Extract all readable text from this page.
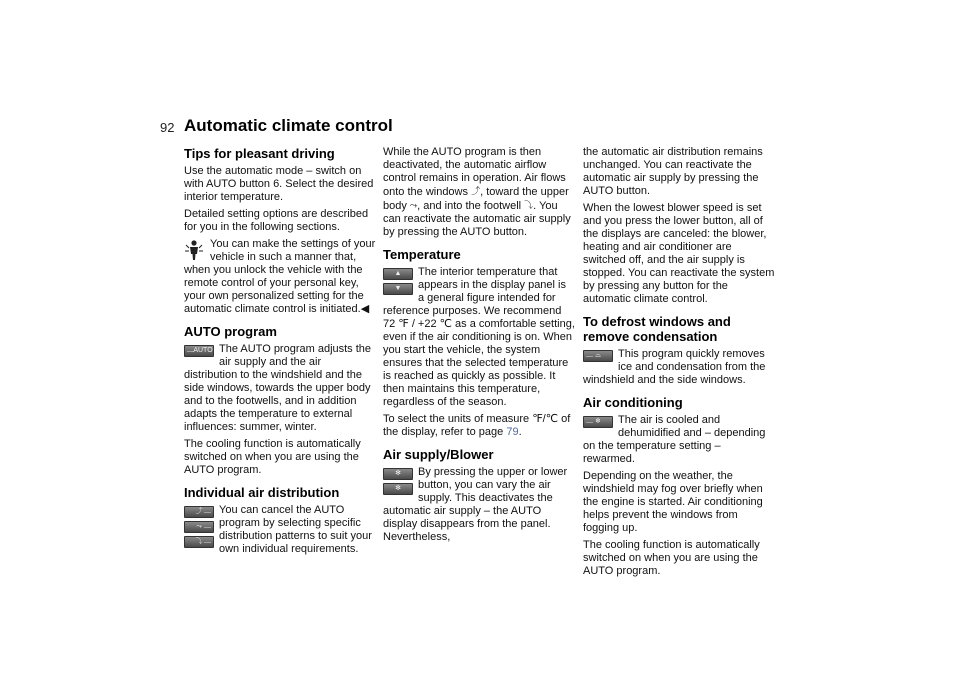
92 Automatic climate control
Tips for pleasant driving

Use the automatic mode – switch on with AUTO button 6. Select the desired interior temperature.

Detailed setting options are described for you in the following sections.

You can make the settings of your vehicle in such a manner that, when you unlock the vehicle with the remote control of your personal key, your own personalized setting for the automatic climate control is initiated.◀

AUTO program
— AUTO The AUTO program adjusts the air supply and the air distribution to the windshield and the side windows, towards the upper body and to the footwells, and in addition adapts the temperature to external influences: summer, winter.

The cooling function is automatically switched on when you are using the AUTO program.

Individual air distribution
—
⤴
—
⤳
—
⤵

You can cancel the AUTO program by selecting specific distribution patterns to suit your own individual requirements.

While the AUTO program is then deactivated, the automatic airflow control remains in operation. Air flows onto the windows ⤴, toward the upper body ⤳, and into the footwell ⤵. You can reactivate the automatic air supply by pressing the AUTO button.

Temperature
▲
▼

The interior temperature that appears in the display panel is a general figure intended for reference purposes. We recommend 72 ℉ / +22 ℃ as a comfortable setting, even if the air conditioning is on. When you start the vehicle, the system ensures that the selected temperature is reached as quickly as possible. It then maintains this temperature, regardless of the season.

To select the units of measure ℉/℃ of the display, refer to page 79.

Air supply/Blower
✻
✻

By pressing the upper or lower button, you can vary the air supply. This deactivates the automatic air supply – the AUTO display disappears from the panel. Nevertheless,

the automatic air distribution remains unchanged. You can reactivate the automatic air supply by pressing the AUTO button.

When the lowest blower speed is set and you press the lower button, all of the displays are canceled: the blower, heating and air conditioner are switched off, and the air supply is stopped. You can reactivate the system by pressing any button for the automatic climate control.

To defrost windows and remove condensation
— ⌓	This program quickly removes ice and condensation from the windshield and the side windows.

Air conditioning
— ❄	The air is cooled and dehumidified and – depending on the temperature setting – rewarmed.

Depending on the weather, the windshield may fog over briefly when the engine is started. Air conditioning helps prevent the windows from fogging up.

The cooling function is automatically switched on when you are using the AUTO program.
